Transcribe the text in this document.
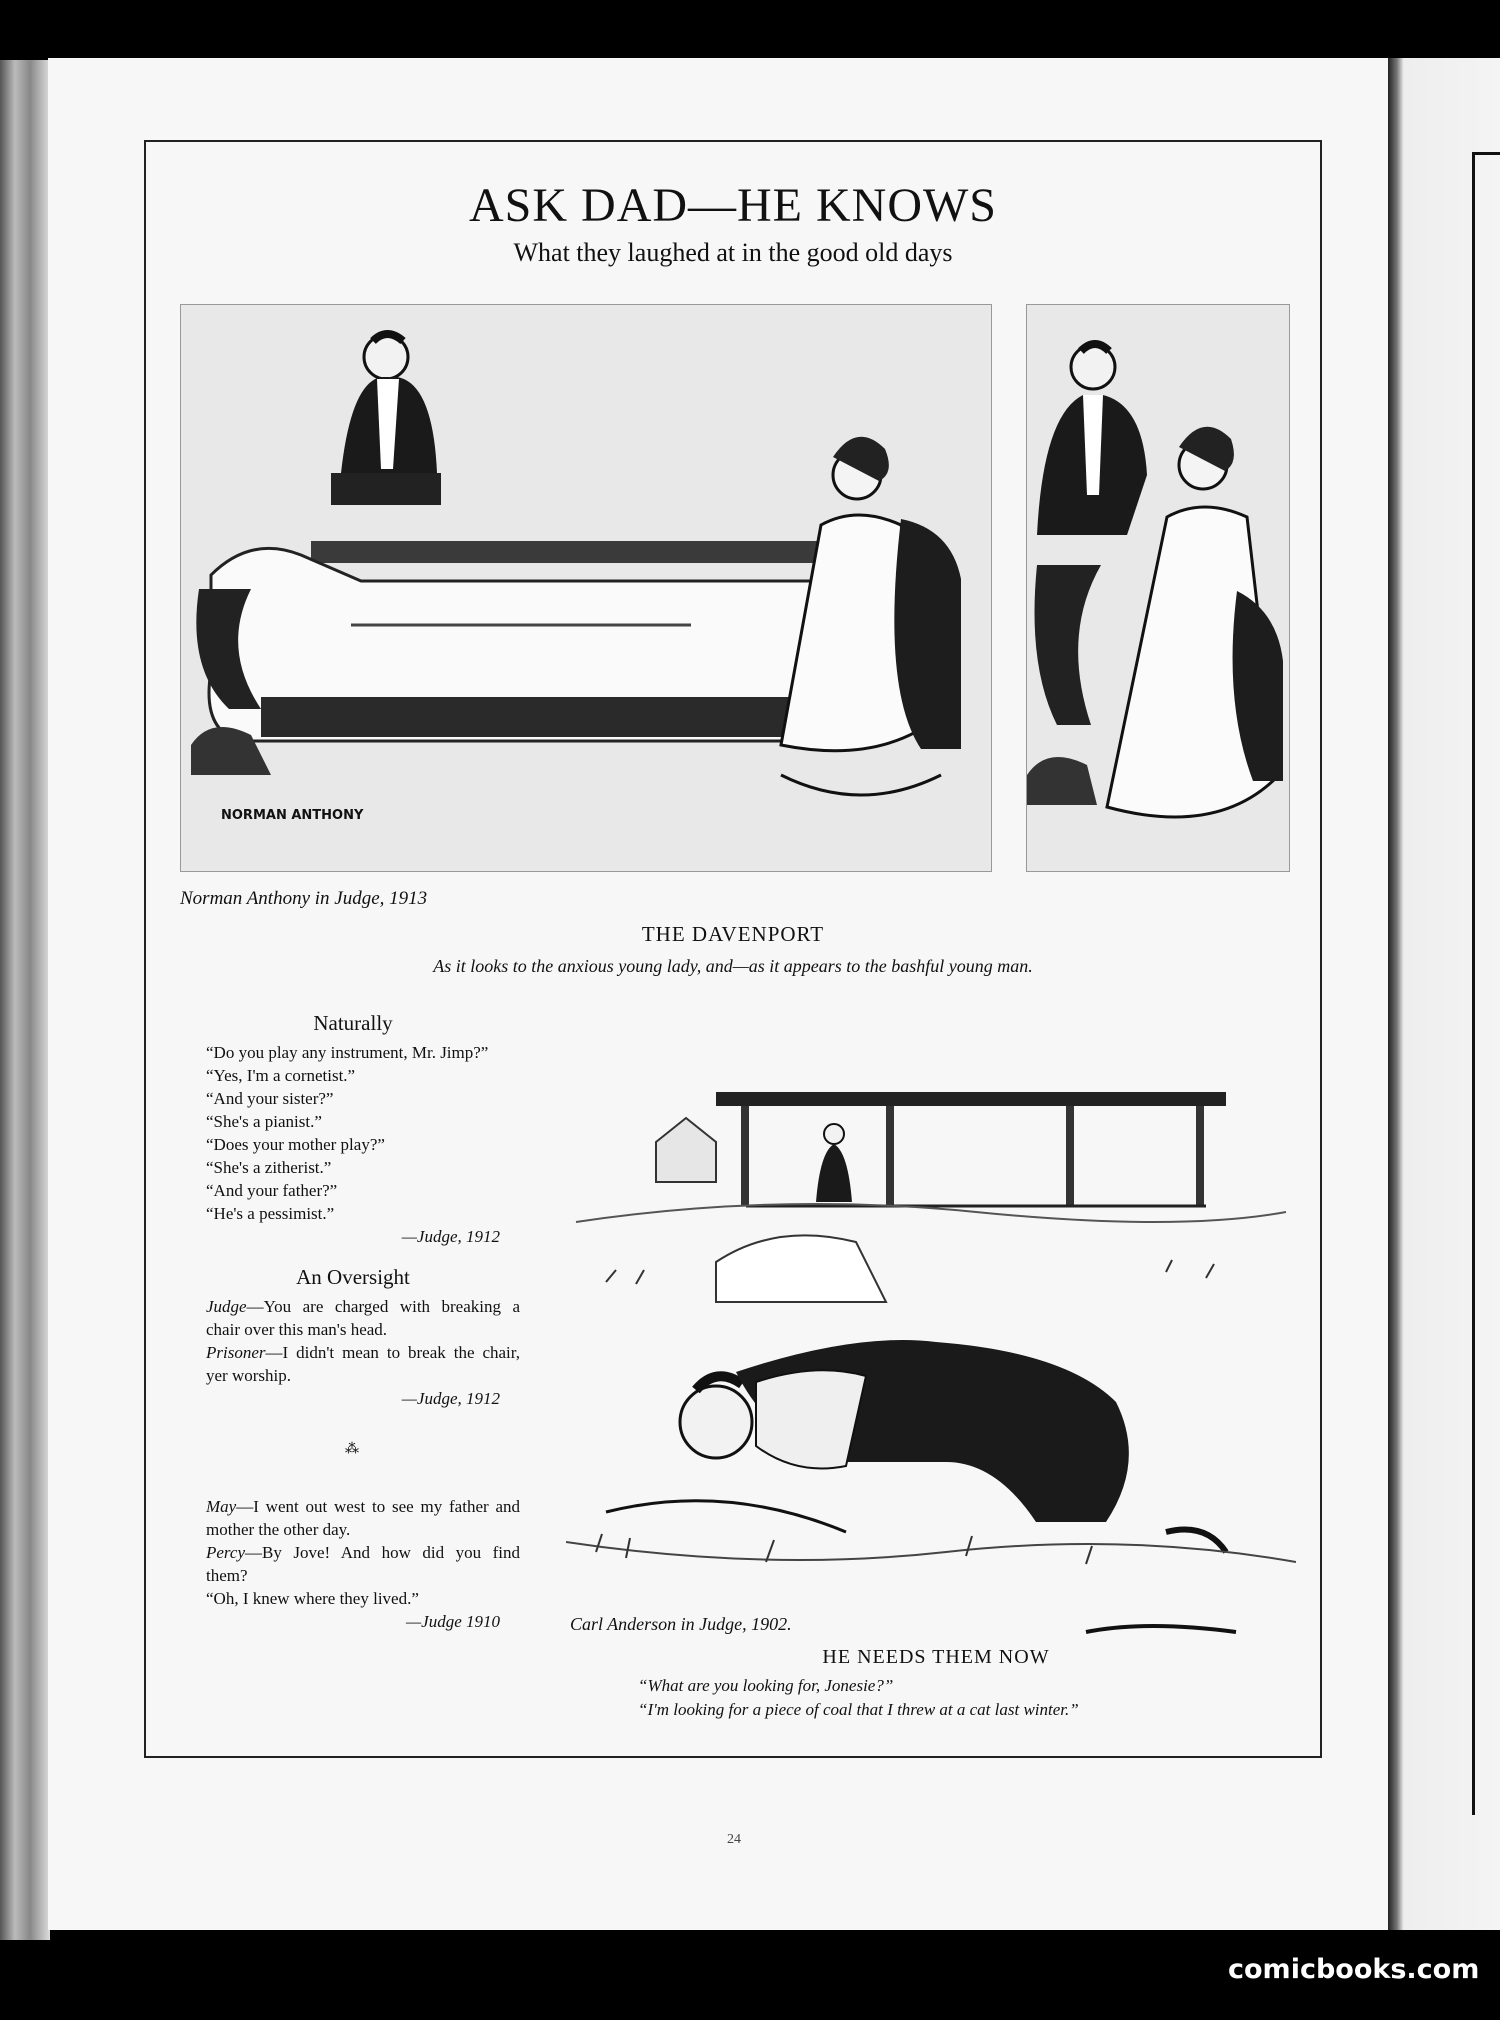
ASK DAD—HE KNOWS
What they laughed at in the good old days
NORMAN ANTHONY
Norman Anthony in Judge, 1913
THE DAVENPORT
As it looks to the anxious young lady, and—as it appears to the bashful young man.
Naturally

“Do you play any instrument, Mr. Jimp?”

“Yes, I'm a cornetist.”

“And your sister?”

“She's a pianist.”

“Does your mother play?”

“She's a zitherist.”

“And your father?”

“He's a pessimist.”

—Judge, 1912

An Oversight

Judge—You are charged with breaking a chair over this man's head.

Prisoner—I didn't mean to break the chair, yer worship.

—Judge, 1912

⁂

May—I went out west to see my father and mother the other day.

Percy—By Jove! And how did you find them?

“Oh, I knew where they lived.”

—Judge 1910	Carl Anderson in Judge, 1902.
HE NEEDS THEM NOW
“What are you looking for, Jonesie?”
“I'm looking for a piece of coal that I threw at a cat last winter.”
24
comicbooks.com
